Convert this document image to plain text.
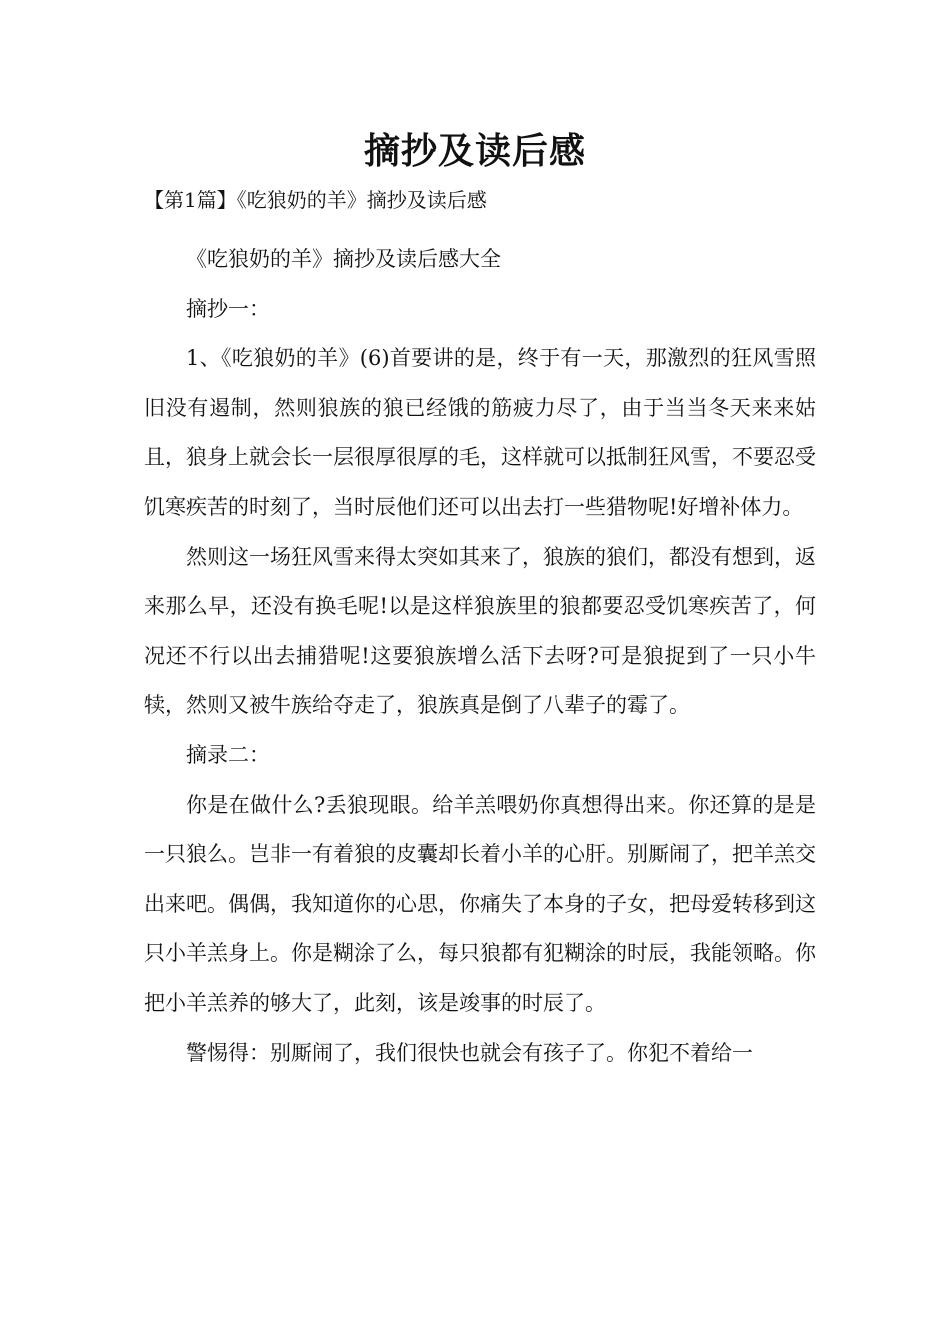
摘抄及读后感
【第1篇】《吃狼奶的羊》摘抄及读后感

《吃狼奶的羊》摘抄及读后感大全

摘抄一：

1、《吃狼奶的羊》(6)首要讲的是，终于有一天，那激烈的狂风雪照旧没有遏制，然则狼族的狼已经饿的筋疲力尽了，由于当当冬天来来姑且，狼身上就会长一层很厚很厚的毛，这样就可以抵制狂风雪，不要忍受饥寒疾苦的时刻了，当时辰他们还可以出去打一些猎物呢!好增补体力。

然则这一场狂风雪来得太突如其来了，狼族的狼们，都没有想到，返来那么早，还没有换毛呢!以是这样狼族里的狼都要忍受饥寒疾苦了，何况还不行以出去捕猎呢!这要狼族增么活下去呀?可是狼捉到了一只小牛犊，然则又被牛族给夺走了，狼族真是倒了八辈子的霉了。

摘录二：

你是在做什么?丢狼现眼。给羊羔喂奶你真想得出来。你还算的是是一只狼么。岂非一有着狼的皮囊却长着小羊的心肝。别厮闹了，把羊羔交出来吧。偶偶，我知道你的心思，你痛失了本身的子女，把母爱转移到这只小羊羔身上。你是糊涂了么，每只狼都有犯糊涂的时辰，我能领略。你把小羊羔养的够大了，此刻，该是竣事的时辰了。

警惕得：别厮闹了，我们很快也就会有孩子了。你犯不着给一
